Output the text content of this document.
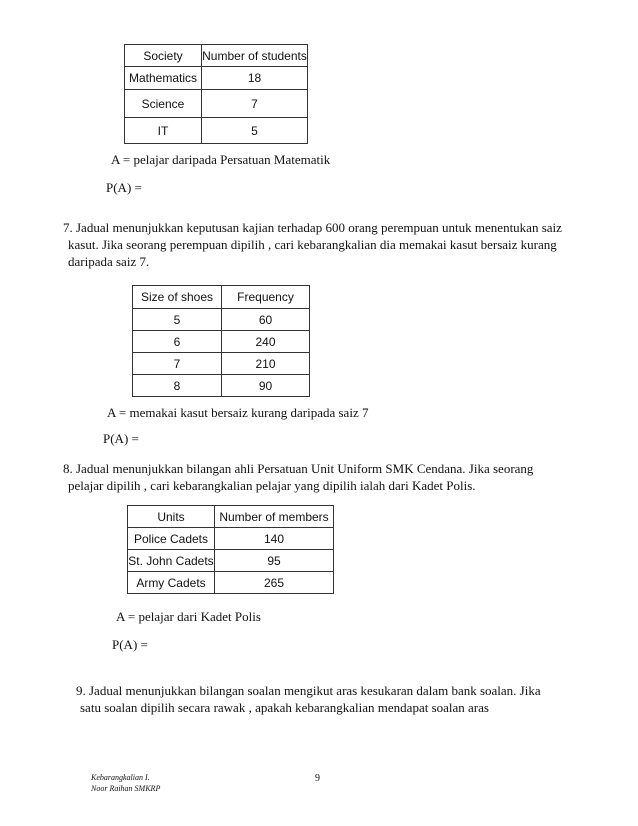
Society	Number of students
Mathematics	18
Science	7
IT	5
A = pelajar daripada Persatuan Matematik
P(A) =
7. Jadual menunjukkan keputusan kajian terhadap 600 orang perempuan untuk menentukan saiz
kasut. Jika seorang perempuan dipilih , cari kebarangkalian dia memakai kasut bersaiz kurang
daripada saiz 7.
Size of shoes	Frequency
5	60
6	240
7	210
8	90
A = memakai kasut bersaiz kurang daripada saiz 7
P(A) =
8. Jadual menunjukkan bilangan ahli Persatuan Unit Uniform SMK Cendana. Jika seorang
pelajar dipilih , cari kebarangkalian pelajar yang dipilih ialah dari Kadet Polis.
Units	Number of members
Police Cadets	140
St. John Cadets	95
Army Cadets	265
A = pelajar dari Kadet Polis
P(A) =
9. Jadual menunjukkan bilangan soalan mengikut aras kesukaran dalam bank soalan. Jika
satu soalan dipilih secara rawak , apakah kebarangkalian mendapat soalan aras
Kebarangkalian I.
Noor Raihan SMKRP
9
